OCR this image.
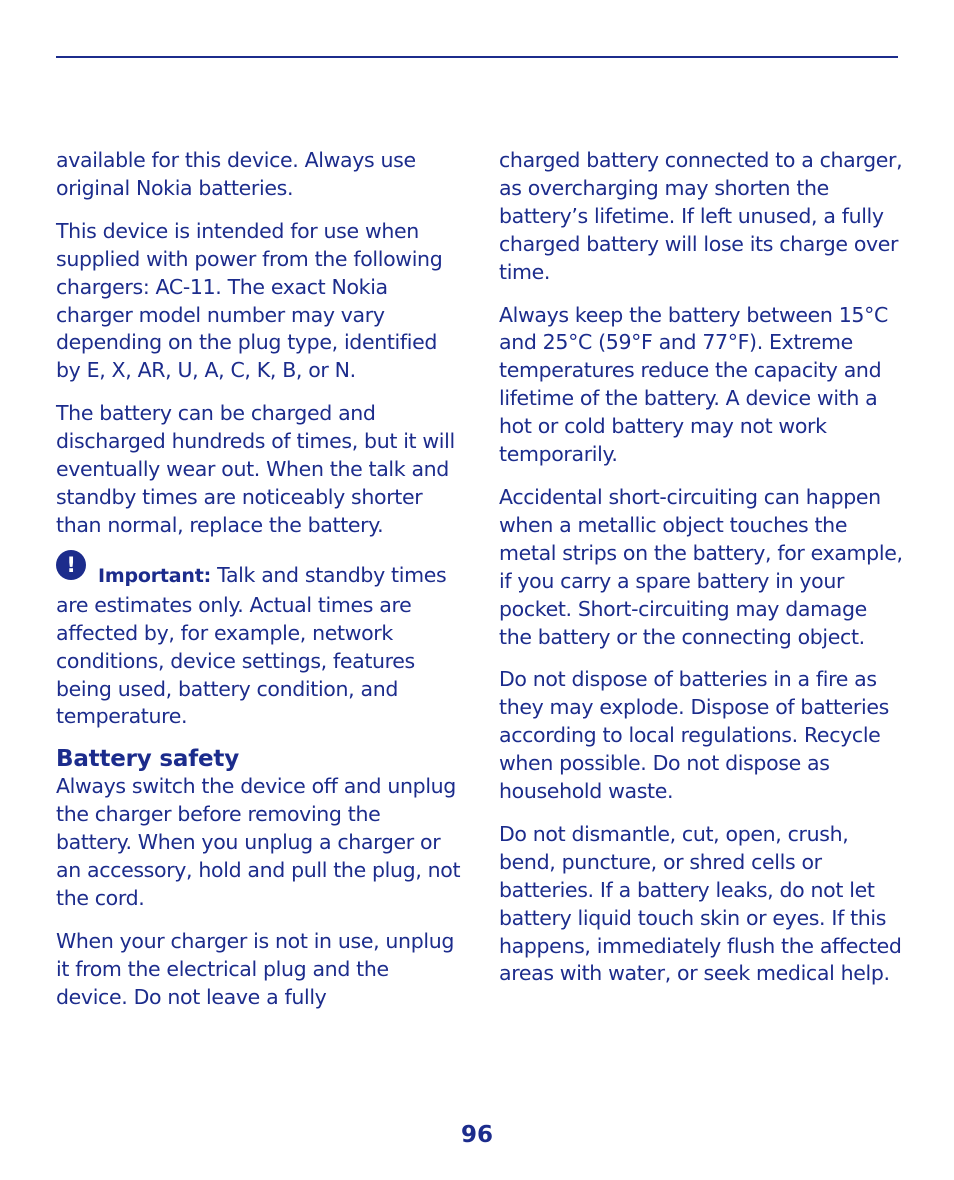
available for this device. Always use original Nokia batteries.

This device is intended for use when supplied with power from the following chargers: AC-11. The exact Nokia charger model number may vary depending on the plug type, identified by E, X, AR, U, A, C, K, B, or N.

The battery can be charged and discharged hundreds of times, but it will eventually wear out. When the talk and standby times are noticeably shorter than normal, replace the battery.

! Important: Talk and standby times are estimates only. Actual times are affected by, for example, network conditions, device settings, features being used, battery condition, and temperature.

Battery safety

Always switch the device off and unplug the charger before removing the battery. When you unplug a charger or an accessory, hold and pull the plug, not the cord.

When your charger is not in use, unplug it from the electrical plug and the device. Do not leave a fully

charged battery connected to a charger, as overcharging may shorten the battery’s lifetime. If left unused, a fully charged battery will lose its charge over time.

Always keep the battery between 15°C and 25°C (59°F and 77°F). Extreme temperatures reduce the capacity and lifetime of the battery. A device with a hot or cold battery may not work temporarily.

Accidental short-circuiting can happen when a metallic object touches the metal strips on the battery, for example, if you carry a spare battery in your pocket. Short-circuiting may damage the battery or the connecting object.

Do not dispose of batteries in a fire as they may explode. Dispose of batteries according to local regulations. Recycle when possible. Do not dispose as household waste.

Do not dismantle, cut, open, crush, bend, puncture, or shred cells or batteries. If a battery leaks, do not let battery liquid touch skin or eyes. If this happens, immediately flush the affected areas with water, or seek medical help.

96
